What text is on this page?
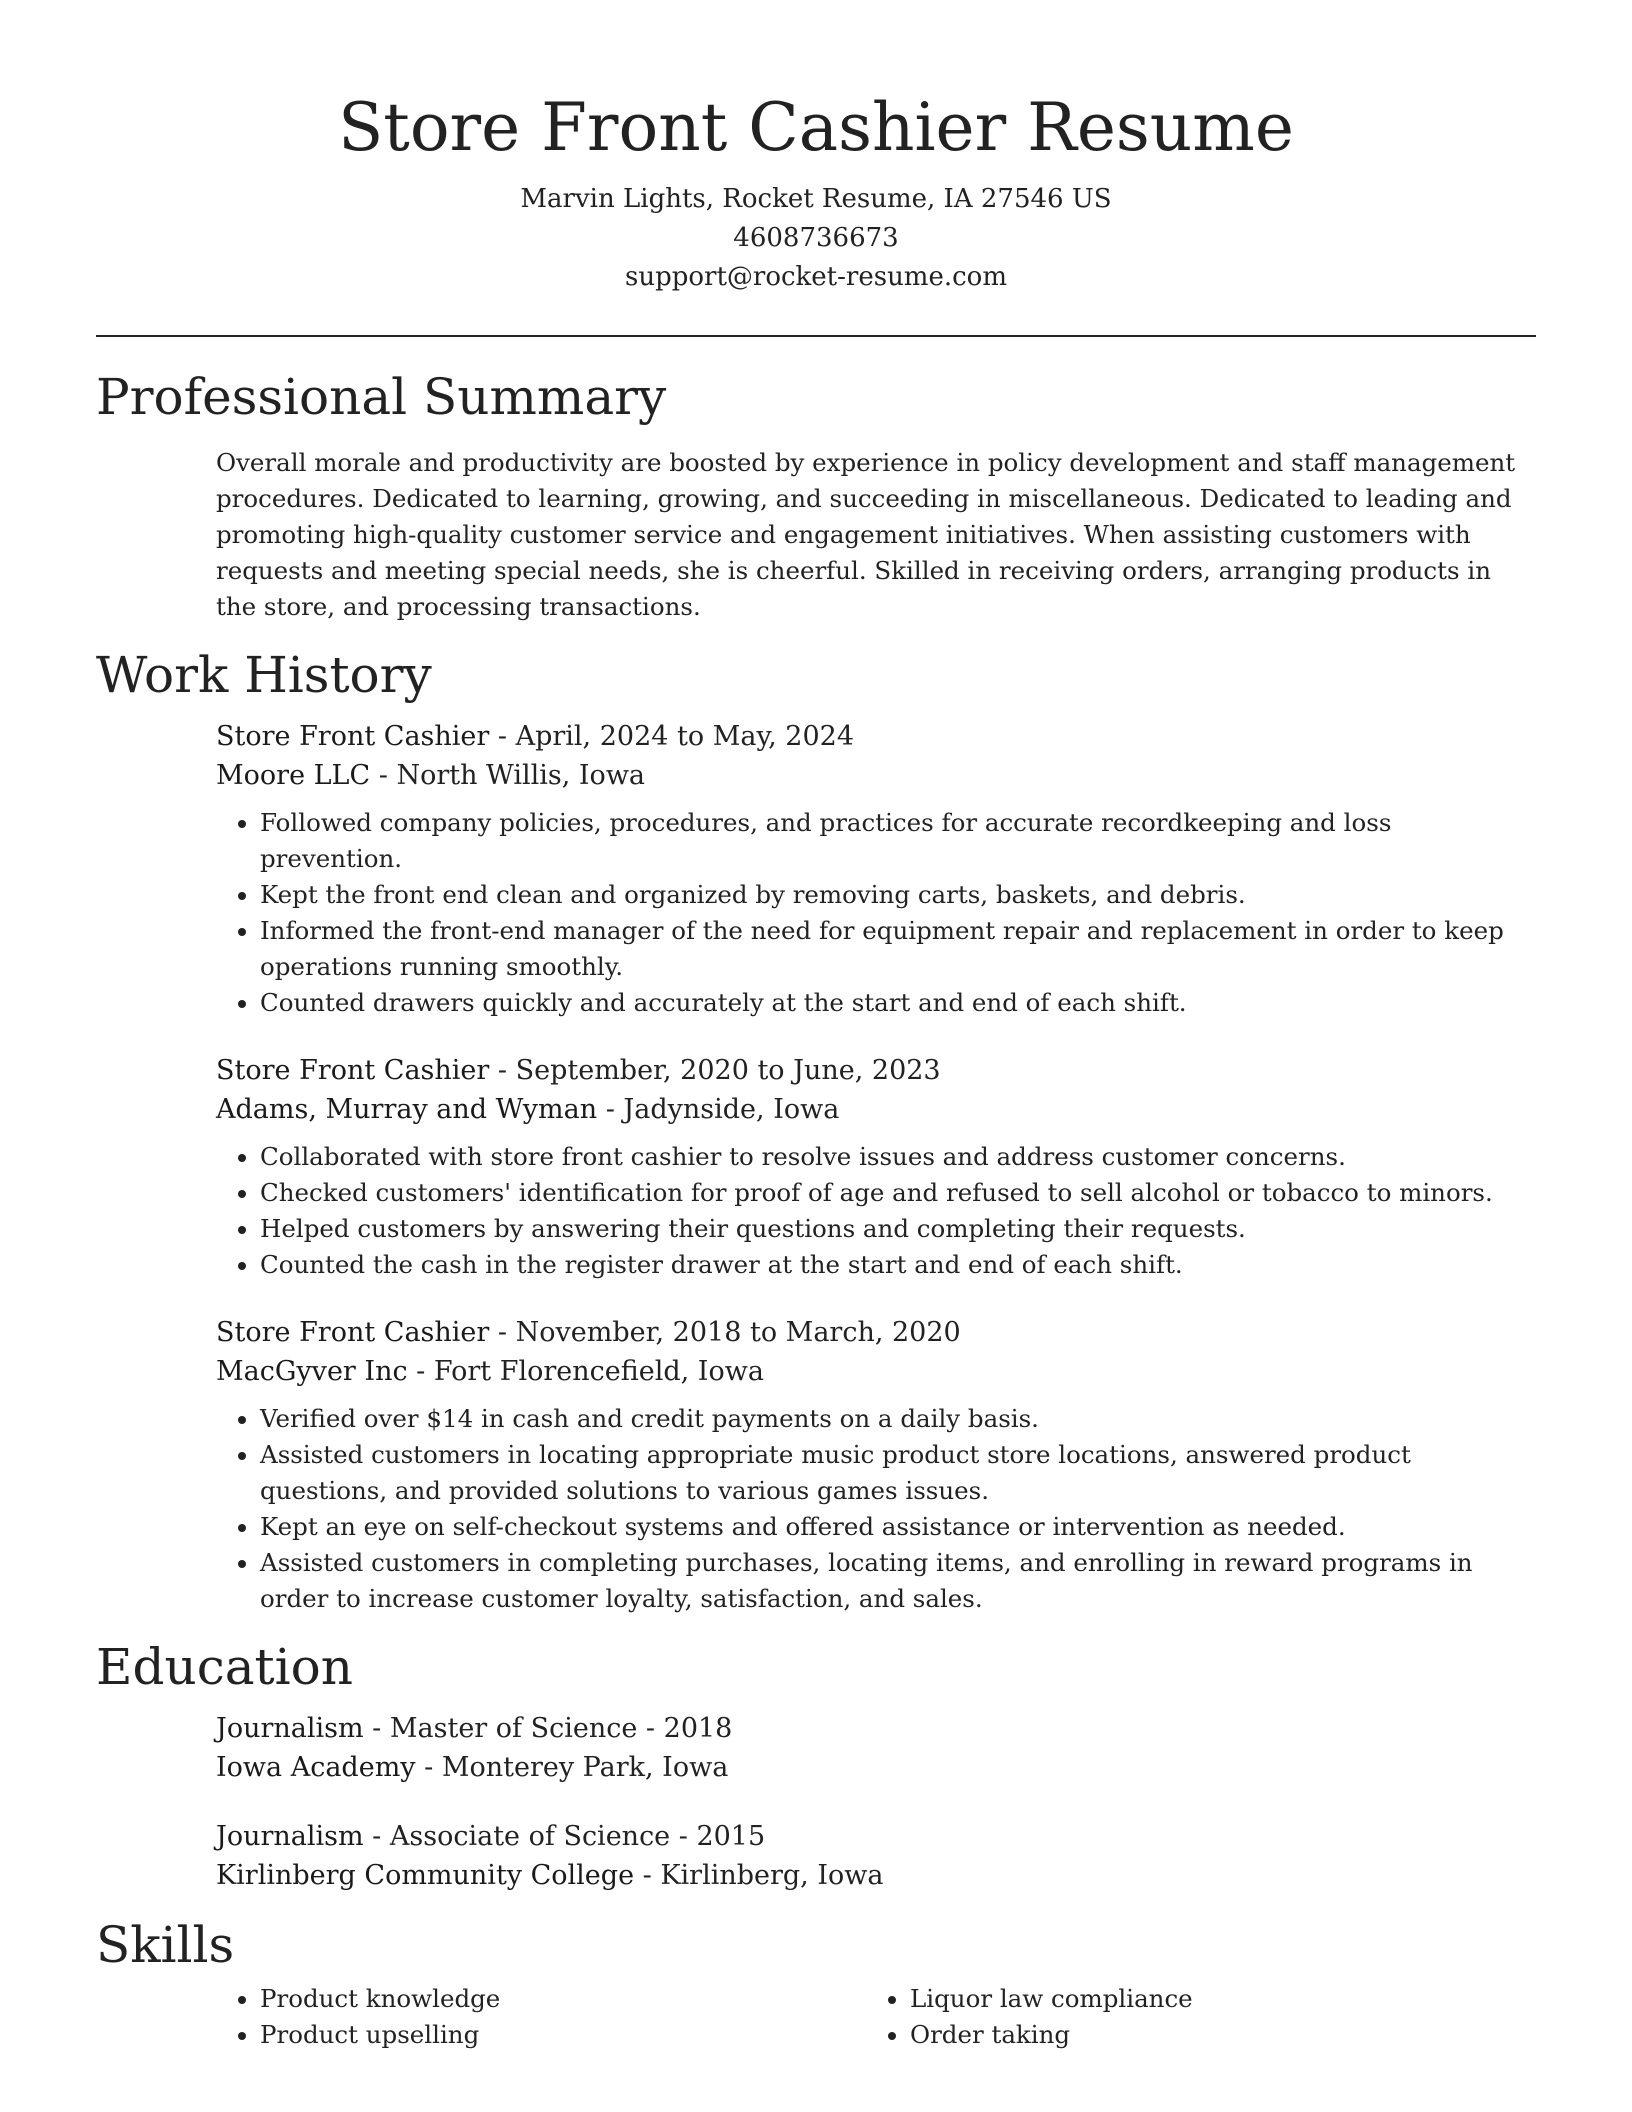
Store Front Cashier Resume

Marvin Lights, Rocket Resume, IA 27546 US

4608736673

support@rocket-resume.com

Professional Summary

Overall morale and productivity are boosted by experience in policy development and staff management procedures. Dedicated to learning, growing, and succeeding in miscellaneous. Dedicated to leading and promoting high-quality customer service and engagement initiatives. When assisting customers with requests and meeting special needs, she is cheerful. Skilled in receiving orders, arranging products in the store, and processing transactions.

Work History

Store Front Cashier - April, 2024 to May, 2024

Moore LLC - North Willis, Iowa

• Followed company policies, procedures, and practices for accurate recordkeeping and loss prevention.
• Kept the front end clean and organized by removing carts, baskets, and debris.
• Informed the front-end manager of the need for equipment repair and replacement in order to keep operations running smoothly.
• Counted drawers quickly and accurately at the start and end of each shift.

Store Front Cashier - September, 2020 to June, 2023

Adams, Murray and Wyman - Jadynside, Iowa

• Collaborated with store front cashier to resolve issues and address customer concerns.
• Checked customers' identification for proof of age and refused to sell alcohol or tobacco to minors.
• Helped customers by answering their questions and completing their requests.
• Counted the cash in the register drawer at the start and end of each shift.

Store Front Cashier - November, 2018 to March, 2020

MacGyver Inc - Fort Florencefield, Iowa

• Verified over $14 in cash and credit payments on a daily basis.
• Assisted customers in locating appropriate music product store locations, answered product questions, and provided solutions to various games issues.
• Kept an eye on self-checkout systems and offered assistance or intervention as needed.
• Assisted customers in completing purchases, locating items, and enrolling in reward programs in order to increase customer loyalty, satisfaction, and sales.
Education

Journalism - Master of Science - 2018

Iowa Academy - Monterey Park, Iowa

Journalism - Associate of Science - 2015

Kirlinberg Community College - Kirlinberg, Iowa

Skills
• Product knowledge
• Product upselling
• Liquor law compliance
• Order taking
